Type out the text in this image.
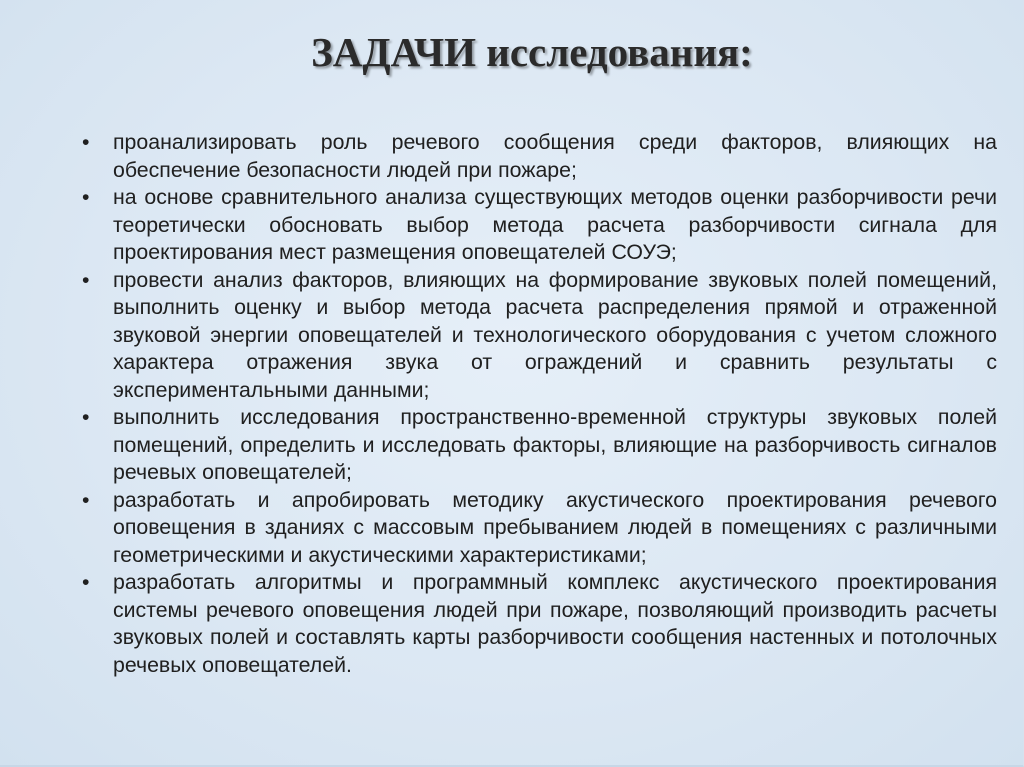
ЗАДАЧИ исследования:
•	проанализировать роль речевого сообщения среди факторов, влияющих на обеспечение безопасности людей при пожаре;
•	на основе сравнительного анализа существующих методов оценки разборчивости речи теоретически обосновать выбор метода расчета разборчивости сигнала для проектирования мест размещения оповещателей СОУЭ;
•	провести анализ факторов, влияющих на формирование звуковых полей помещений, выполнить оценку и выбор метода расчета распределения прямой и отраженной звуковой энергии оповещателей и технологического оборудования с учетом сложного характера отражения звука от ограждений и сравнить результаты с экспериментальными данными;
•	выполнить исследования пространственно-временной структуры звуковых полей помещений, определить и исследовать факторы, влияющие на разборчивость сигналов речевых оповещателей;
•	разработать и апробировать методику акустического проектирования речевого оповещения в зданиях с массовым пребыванием людей в помещениях с различными геометрическими и акустическими характеристиками;
•	разработать алгоритмы и программный комплекс акустического проектирования системы речевого оповещения людей при пожаре, позволяющий производить расчеты звуковых полей и составлять карты разборчивости сообщения настенных и потолочных речевых оповещателей.
